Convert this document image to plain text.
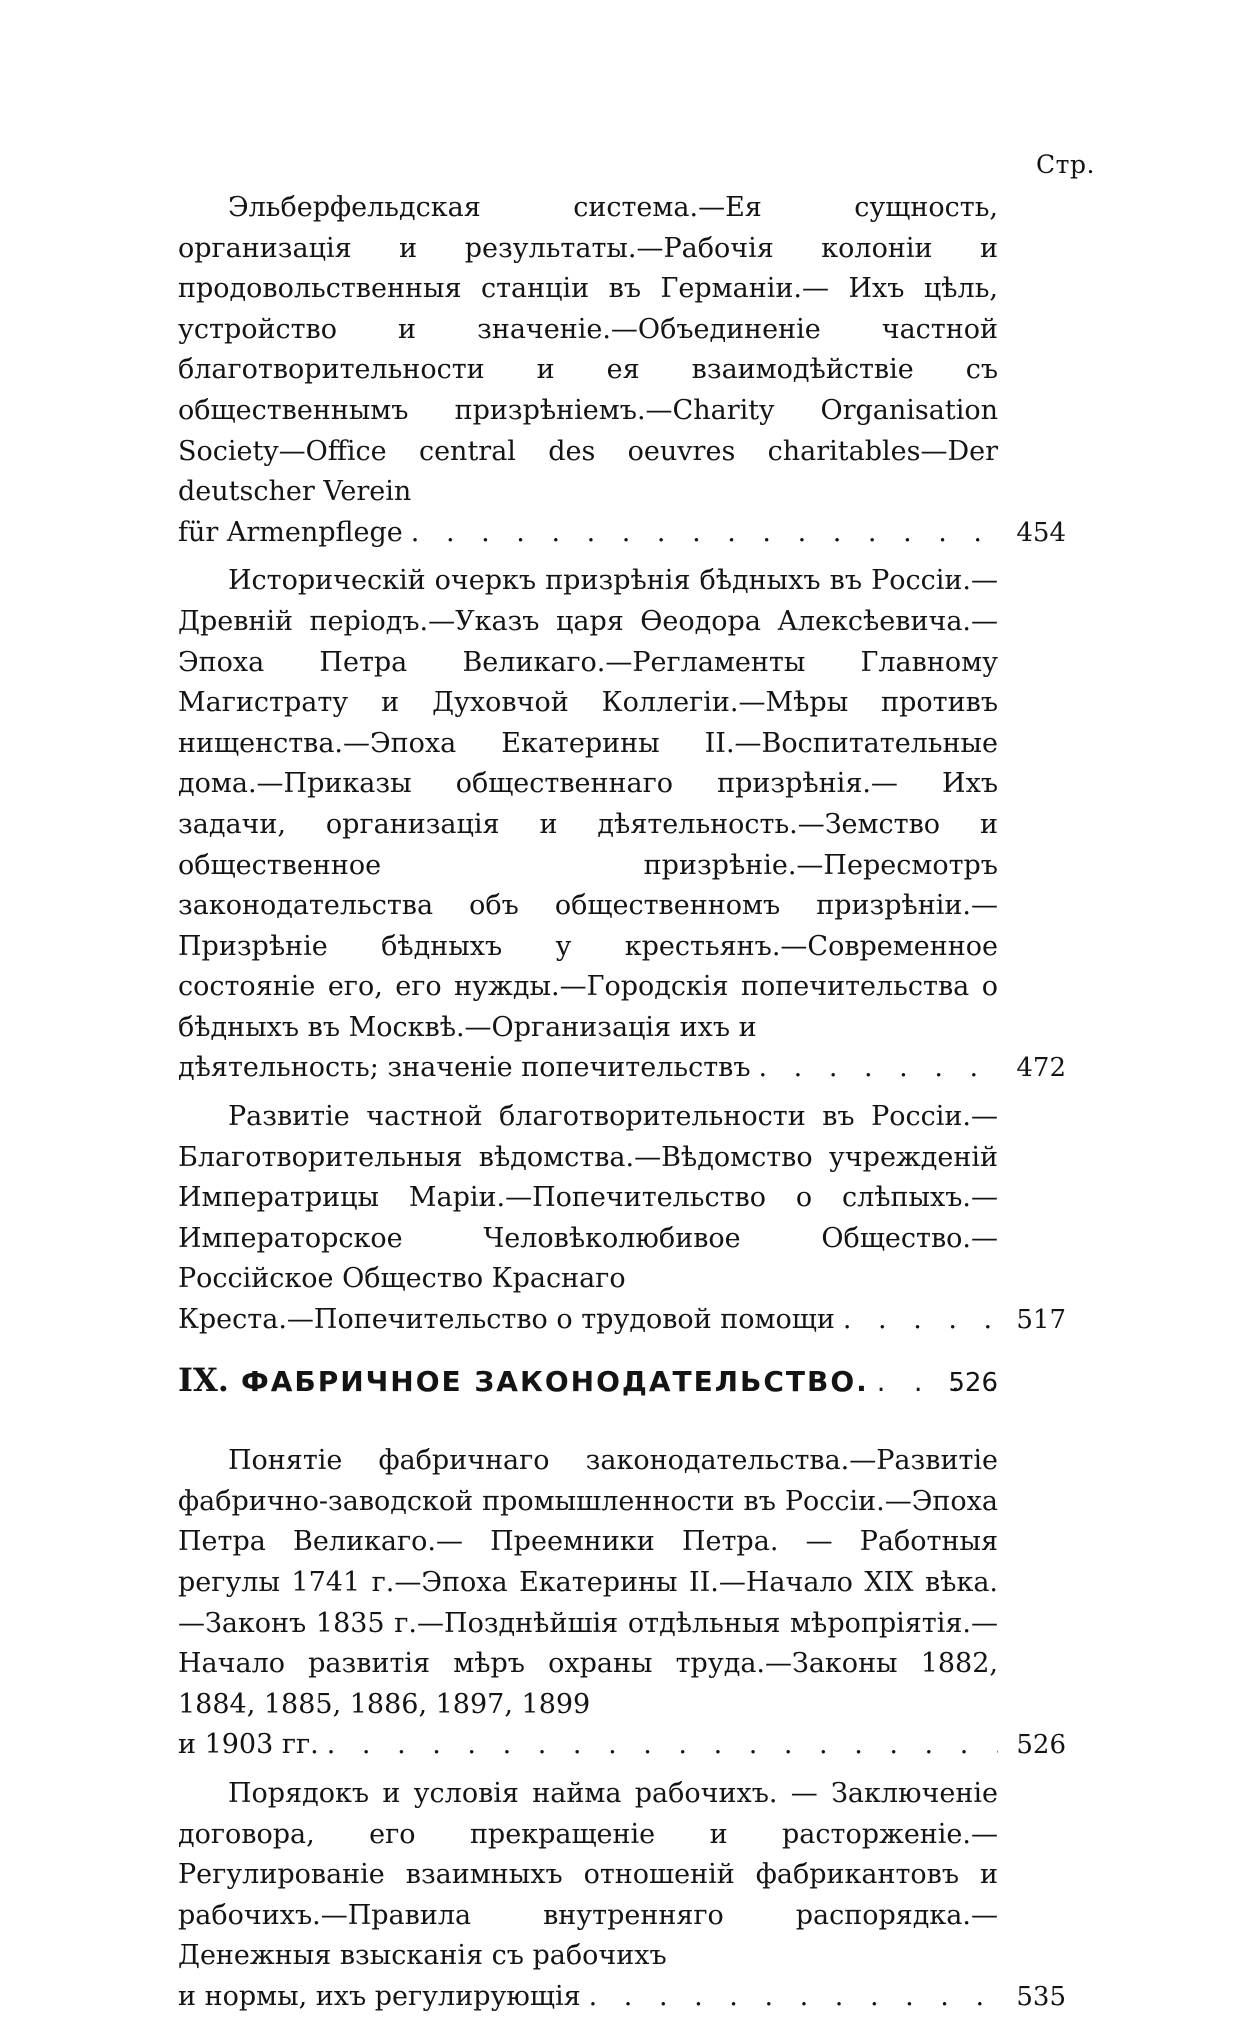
Стр.

Эльберфельдская система.—Ея сущность, организація и результаты.—Рабочія колоніи и продовольственныя станціи въ Германіи.— Ихъ цѣль, устройство и значеніе.—Объединеніе частной благотворительности и ея взаимодѣйствіе съ общественнымъ призрѣніемъ.—Charity Organisation Society—Office central des oeuvres charitables—Der deutscher Verein

für Armenpflege . . .	454

Историческій очеркъ призрѣнія бѣдныхъ въ Россіи.—Древній періодъ.—Указъ царя Ѳеодора Алексѣевича.—Эпоха Петра Великаго.—Регламенты Главному Магистрату и Духовчой Коллегіи.—Мѣры противъ нищенства.—Эпоха Екатерины II.—Воспитательные дома.—Приказы общественнаго призрѣнія.— Ихъ задачи, организація и дѣятельность.—Земство и общественное призрѣніе.—Пересмотръ законодательства объ общественномъ призрѣніи.—Призрѣніе бѣдныхъ у крестьянъ.—Современное состояніе его, его нужды.—Городскія попечительства о бѣдныхъ въ Москвѣ.—Организація ихъ и

дѣятельность; значеніе попечительствъ . . .	472

Развитіе частной благотворительности въ Россіи.—Благотворительныя вѣдомства.—Вѣдомство учрежденій Императрицы Маріи.—Попечительство о слѣпыхъ.—Императорское Человѣколюбивое Общество.—Россійское Общество Краснаго

Креста.—Попечительство о трудовой помощи . . .	517
IX. ФАБРИЧНОЕ ЗАКОНОДАТЕЛЬСТВО. . . .	526

Понятіе фабричнаго законодательства.—Развитіе фабрично-заводской промышленности въ Россіи.—Эпоха Петра Великаго.— Преемники Петра. — Работныя регулы 1741 г.—Эпоха Екатерины II.—Начало XIX вѣка.—Законъ 1835 г.—Позднѣйшія отдѣльныя мѣропріятія.—Начало развитія мѣръ охраны труда.—Законы 1882, 1884, 1885, 1886, 1897, 1899

и 1903 гг. . . .	526

Порядокъ и условія найма рабочихъ. — Заключеніе договора, его прекращеніе и расторженіе.— Регулированіе взаимныхъ отношеній фабрикантовъ и рабочихъ.—Правила внутренняго распорядка.—Денежныя взысканія съ рабочихъ

и нормы, ихъ регулирующія . . .	535
